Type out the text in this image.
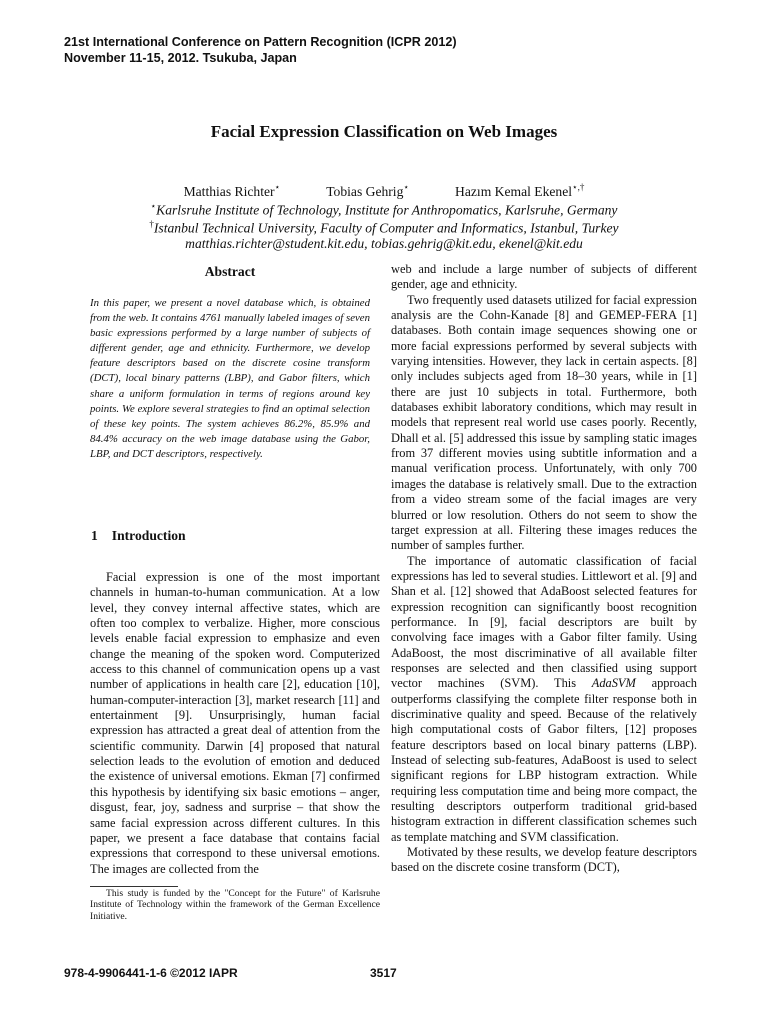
21st International Conference on Pattern Recognition (ICPR 2012)
November 11-15, 2012. Tsukuba, Japan
Facial Expression Classification on Web Images
Matthias Richter⋆	Tobias Gehrig⋆	Hazım Kemal Ekenel⋆,†
⋆Karlsruhe Institute of Technology, Institute for Anthropomatics, Karlsruhe, Germany
†Istanbul Technical University, Faculty of Computer and Informatics, Istanbul, Turkey
matthias.richter@student.kit.edu, tobias.gehrig@kit.edu, ekenel@kit.edu
Abstract
In this paper, we present a novel database which, is obtained from the web. It contains 4761 manually labeled images of seven basic expressions performed by a large number of subjects of different gender, age and ethnicity. Furthermore, we develop feature descriptors based on the discrete cosine transform (DCT), local binary patterns (LBP), and Gabor filters, which share a uniform formulation in terms of regions around key points. We explore several strategies to find an optimal selection of these key points. The system achieves 86.2%, 85.9% and 84.4% accuracy on the web image database using the Gabor, LBP, and DCT descriptors, respectively.
1 Introduction

Facial expression is one of the most important channels in human-to-human communication. At a low level, they convey internal affective states, which are often too complex to verbalize. Higher, more conscious levels enable facial expression to emphasize and even change the meaning of the spoken word. Computerized access to this channel of communication opens up a vast number of applications in health care [2], education [10], human-computer-interaction [3], market research [11] and entertainment [9]. Unsurprisingly, human facial expression has attracted a great deal of attention from the scientific community. Darwin [4] proposed that natural selection leads to the evolution of emotion and deduced the existence of universal emotions. Ekman [7] confirmed this hypothesis by identifying six basic emotions – anger, disgust, fear, joy, sadness and surprise – that show the same facial expression across different cultures. In this paper, we present a face database that contains facial expressions that correspond to these universal emotions. The images are collected from the

This study is funded by the "Concept for the Future" of Karlsruhe Institute of Technology within the framework of the German Excellence Initiative.

web and include a large number of subjects of different gender, age and ethnicity.

Two frequently used datasets utilized for facial expression analysis are the Cohn-Kanade [8] and GEMEP-FERA [1] databases. Both contain image sequences showing one or more facial expressions performed by several subjects with varying intensities. However, they lack in certain aspects. [8] only includes subjects aged from 18–30 years, while in [1] there are just 10 subjects in total. Furthermore, both databases exhibit laboratory conditions, which may result in models that represent real world use cases poorly. Recently, Dhall et al. [5] addressed this issue by sampling static images from 37 different movies using subtitle information and a manual verification process. Unfortunately, with only 700 images the database is relatively small. Due to the extraction from a video stream some of the facial images are very blurred or low resolution. Others do not seem to show the target expression at all. Filtering these images reduces the number of samples further.

The importance of automatic classification of facial expressions has led to several studies. Littlewort et al. [9] and Shan et al. [12] showed that AdaBoost selected features for expression recognition can significantly boost recognition performance. In [9], facial descriptors are built by convolving face images with a Gabor filter family. Using AdaBoost, the most discriminative of all available filter responses are selected and then classified using support vector machines (SVM). This AdaSVM approach outperforms classifying the complete filter response both in discriminative quality and speed. Because of the relatively high computational costs of Gabor filters, [12] proposes feature descriptors based on local binary patterns (LBP). Instead of selecting sub-features, AdaBoost is used to select significant regions for LBP histogram extraction. While requiring less computation time and being more compact, the resulting descriptors outperform traditional grid-based histogram extraction in different classification schemes such as template matching and SVM classification.

Motivated by these results, we develop feature descriptors based on the discrete cosine transform (DCT),

978-4-9906441-1-6 ©2012 IAPR	3517
